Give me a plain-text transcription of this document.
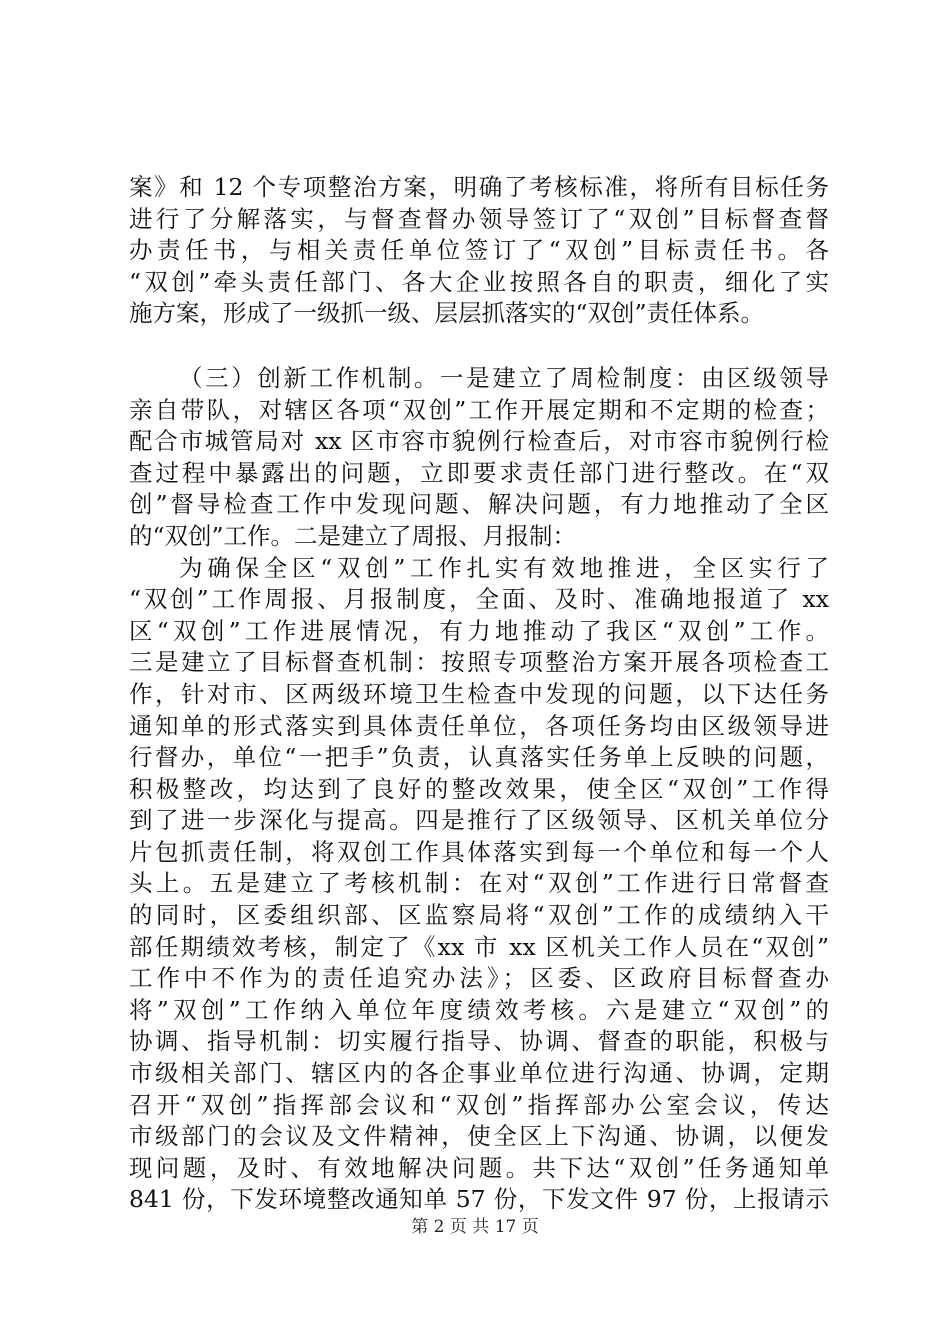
案》和 12 个专项整治方案，明确了考核标准，将所有目标任务
进行了分解落实，与督查督办领导签订了“双创”目标督查督
办责任书，与相关责任单位签订了“双创”目标责任书。各
“双创”牵头责任部门、各大企业按照各自的职责，细化了实
施方案，形成了一级抓一级、层层抓落实的“双创”责任体系。
（三）创新工作机制。一是建立了周检制度：由区级领导
亲自带队，对辖区各项“双创”工作开展定期和不定期的检查；
配合市城管局对 xx 区市容市貌例行检查后，对市容市貌例行检
查过程中暴露出的问题，立即要求责任部门进行整改。在“双
创”督导检查工作中发现问题、解决问题，有力地推动了全区
的“双创”工作。二是建立了周报、月报制：
为确保全区“双创”工作扎实有效地推进，全区实行了
“双创”工作周报、月报制度，全面、及时、准确地报道了 xx
区“双创”工作进展情况，有力地推动了我区“双创”工作。
三是建立了目标督查机制：按照专项整治方案开展各项检查工
作，针对市、区两级环境卫生检查中发现的问题，以下达任务
通知单的形式落实到具体责任单位，各项任务均由区级领导进
行督办，单位“一把手”负责，认真落实任务单上反映的问题，
积极整改，均达到了良好的整改效果，使全区“双创”工作得
到了进一步深化与提高。四是推行了区级领导、区机关单位分
片包抓责任制，将双创工作具体落实到每一个单位和每一个人
头上。五是建立了考核机制：在对“双创”工作进行日常督查
的同时，区委组织部、区监察局将“双创”工作的成绩纳入干
部任期绩效考核，制定了《xx 市 xx 区机关工作人员在“双创”
工作中不作为的责任追究办法》；区委、区政府目标督查办
将”双创”工作纳入单位年度绩效考核。六是建立“双创”的
协调、指导机制：切实履行指导、协调、督查的职能，积极与
市级相关部门、辖区内的各企事业单位进行沟通、协调，定期
召开“双创”指挥部会议和“双创”指挥部办公室会议，传达
市级部门的会议及文件精神，使全区上下沟通、协调，以便发
现问题，及时、有效地解决问题。共下达“双创”任务通知单
841 份，下发环境整改通知单 57 份，下发文件 97 份，上报请示
第 2 页 共 17 页
